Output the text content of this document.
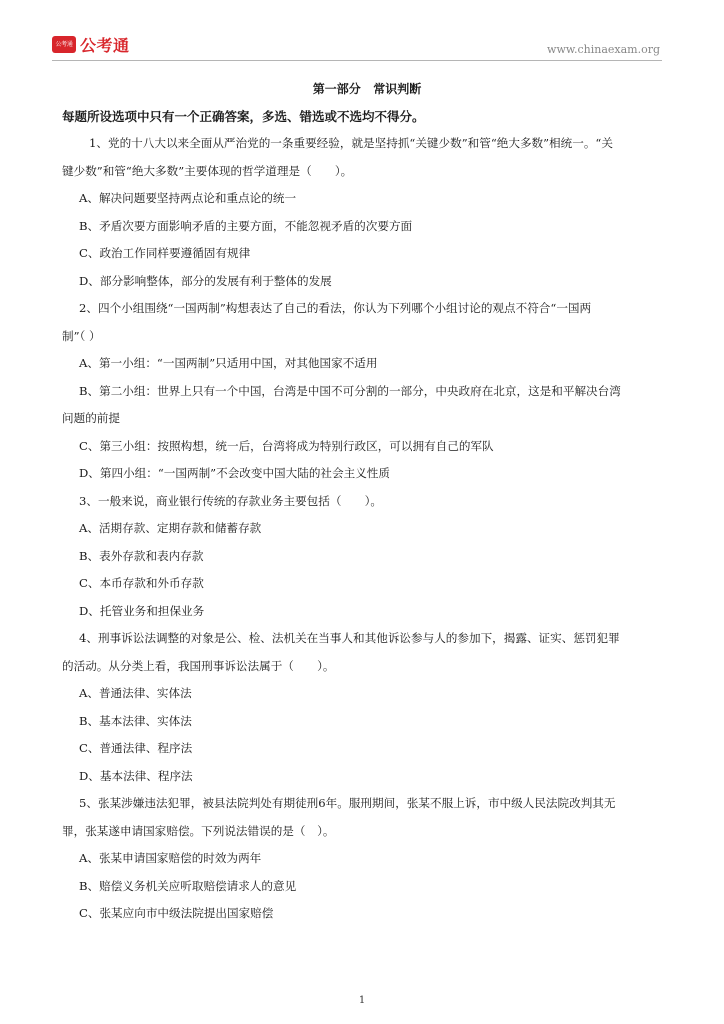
公考通 公考通	www.chinaexam.org

第一部分   常识判断

每题所设选项中只有一个正确答案，多选、错选或不选均不得分。

1、党的十八大以来全面从严治党的一条重要经验，就是坚持抓“关键少数”和管“绝大多数”相统一。“关

键少数”和管“绝大多数”主要体现的哲学道理是（　　）。

A、解决问题要坚持两点论和重点论的统一

B、矛盾次要方面影响矛盾的主要方面，不能忽视矛盾的次要方面

C、政治工作同样要遵循固有规律

D、部分影响整体，部分的发展有利于整体的发展

2、四个小组围绕“一国两制”构想表达了自己的看法，你认为下列哪个小组讨论的观点不符合“一国两

制”（ ）

A、第一小组：“一国两制”只适用中国，对其他国家不适用

B、第二小组：世界上只有一个中国，台湾是中国不可分割的一部分，中央政府在北京，这是和平解决台湾

问题的前提

C、第三小组：按照构想，统一后，台湾将成为特别行政区，可以拥有自己的军队

D、第四小组：“一国两制”不会改变中国大陆的社会主义性质

3、一般来说，商业银行传统的存款业务主要包括（　　）。

A、活期存款、定期存款和储蓄存款

B、表外存款和表内存款

C、本币存款和外币存款

D、托管业务和担保业务

4、刑事诉讼法调整的对象是公、检、法机关在当事人和其他诉讼参与人的参加下，揭露、证实、惩罚犯罪

的活动。从分类上看，我国刑事诉讼法属于（　　）。

A、普通法律、实体法

B、基本法律、实体法

C、普通法律、程序法

D、基本法律、程序法

5、张某涉嫌违法犯罪，被县法院判处有期徒刑6年。服刑期间，张某不服上诉，市中级人民法院改判其无

罪，张某遂申请国家赔偿。下列说法错误的是（　）。

A、张某申请国家赔偿的时效为两年

B、赔偿义务机关应听取赔偿请求人的意见

C、张某应向市中级法院提出国家赔偿

1
